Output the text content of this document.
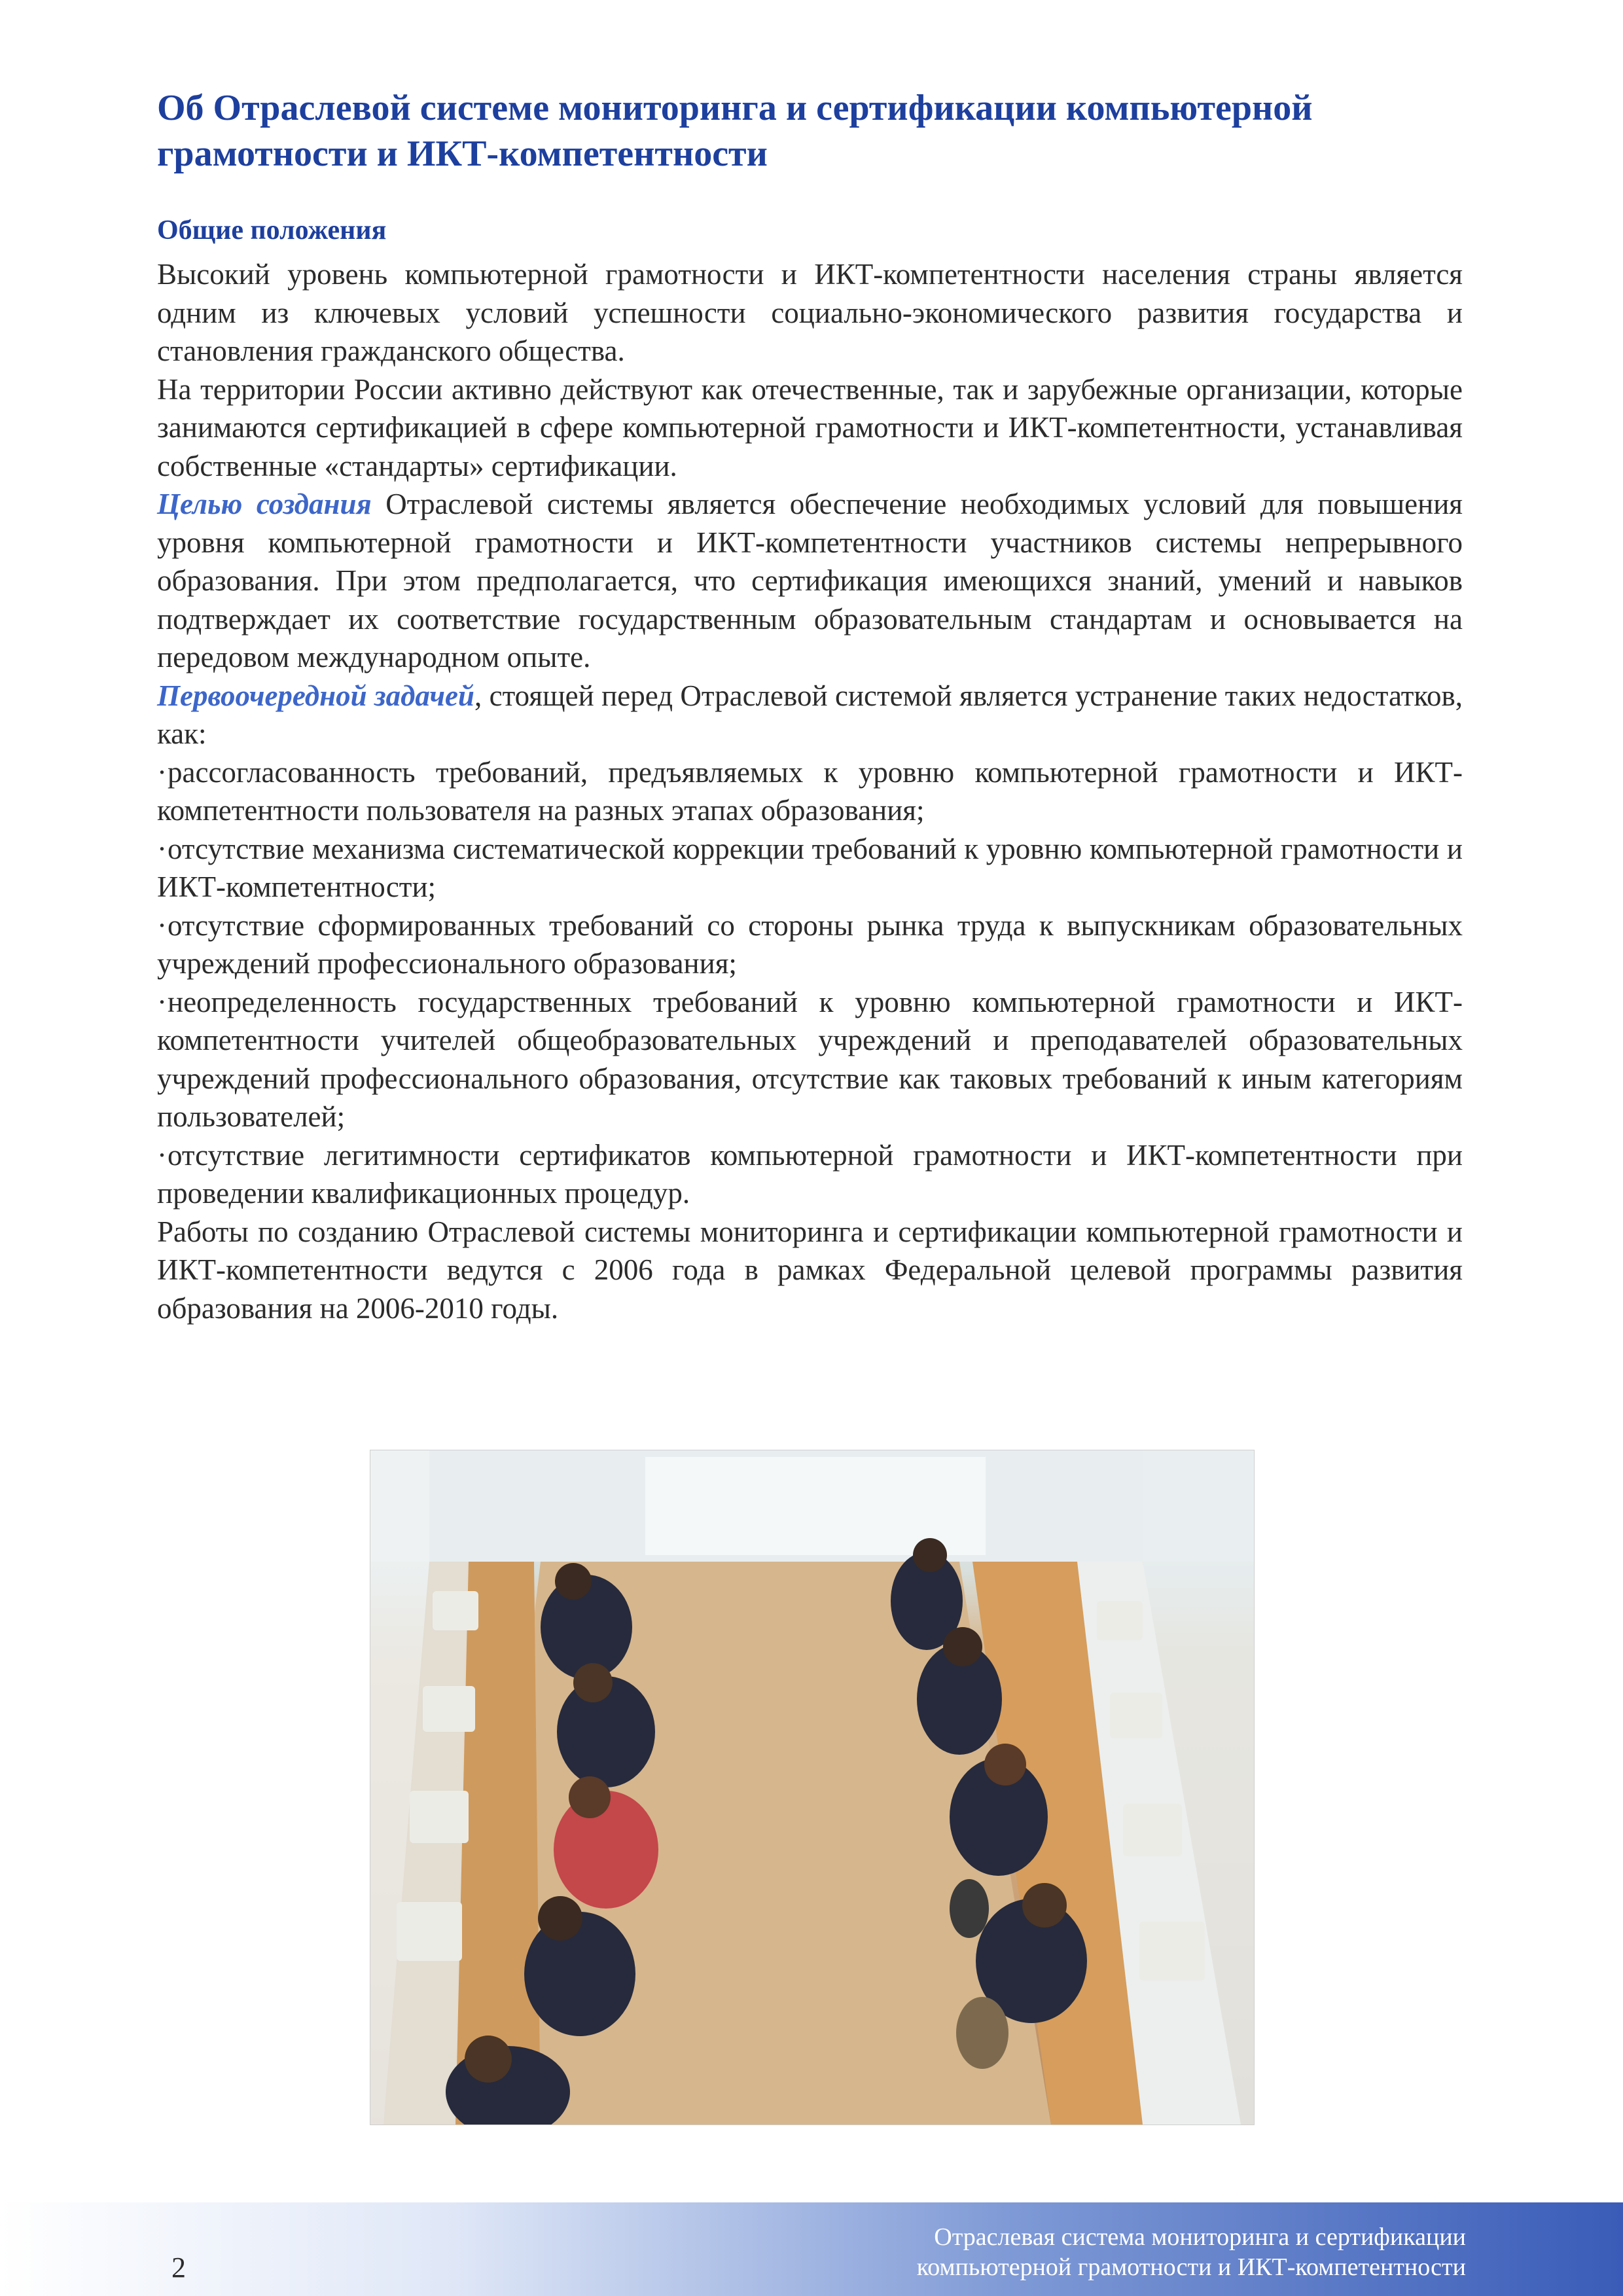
Об Отраслевой системе мониторинга и сертификации компьютерной грамотности и ИКТ-компетентности
Общие положения

Высокий уровень компьютерной грамотности и ИКТ-компетентности населения страны является одним из ключевых условий успешности социально-экономического развития государства и становления гражданского общества.

На территории России активно действуют как отечественные, так и зарубежные организации, которые занимаются сертификацией в сфере компьютерной грамотности и ИКТ-компетентности, устанавливая собственные «стандарты» сертификации.

Целью создания Отраслевой системы является обеспечение необходимых условий для повышения уровня компьютерной грамотности и ИКТ-компетентности участников системы непрерывного образования. При этом предполагается, что сертификация имеющихся знаний, умений и навыков подтверждает их соответствие государственным образовательным стандартам и основывается на передовом международном опыте.

Первоочередной задачей, стоящей перед Отраслевой системой является устранение таких недостатков, как:

·рассогласованность требований, предъявляемых к уровню компьютерной грамотности и ИКТ-компетентности пользователя на разных этапах образования;

·отсутствие механизма систематической коррекции требований к уровню компьютерной грамотности и ИКТ-компетентности;

·отсутствие сформированных требований со стороны рынка труда к выпускникам образовательных учреждений профессионального образования;

·неопределенность государственных требований к уровню компьютерной грамотности и ИКТ-компетентности учителей общеобразовательных учреждений и преподавателей образовательных учреждений профессионального образования, отсутствие как таковых требований к иным категориям пользователей;

·отсутствие легитимности сертификатов компьютерной грамотности и ИКТ-компетентности при проведении квалификационных процедур.

Работы по созданию Отраслевой системы мониторинга и сертификации компьютерной грамотности и ИКТ-компетентности ведутся с 2006 года в рамках Федеральной целевой программы развития образования на 2006-2010 годы.

2
Отраслевая система мониторинга и сертификации
компьютерной грамотности и ИКТ-компетентности
